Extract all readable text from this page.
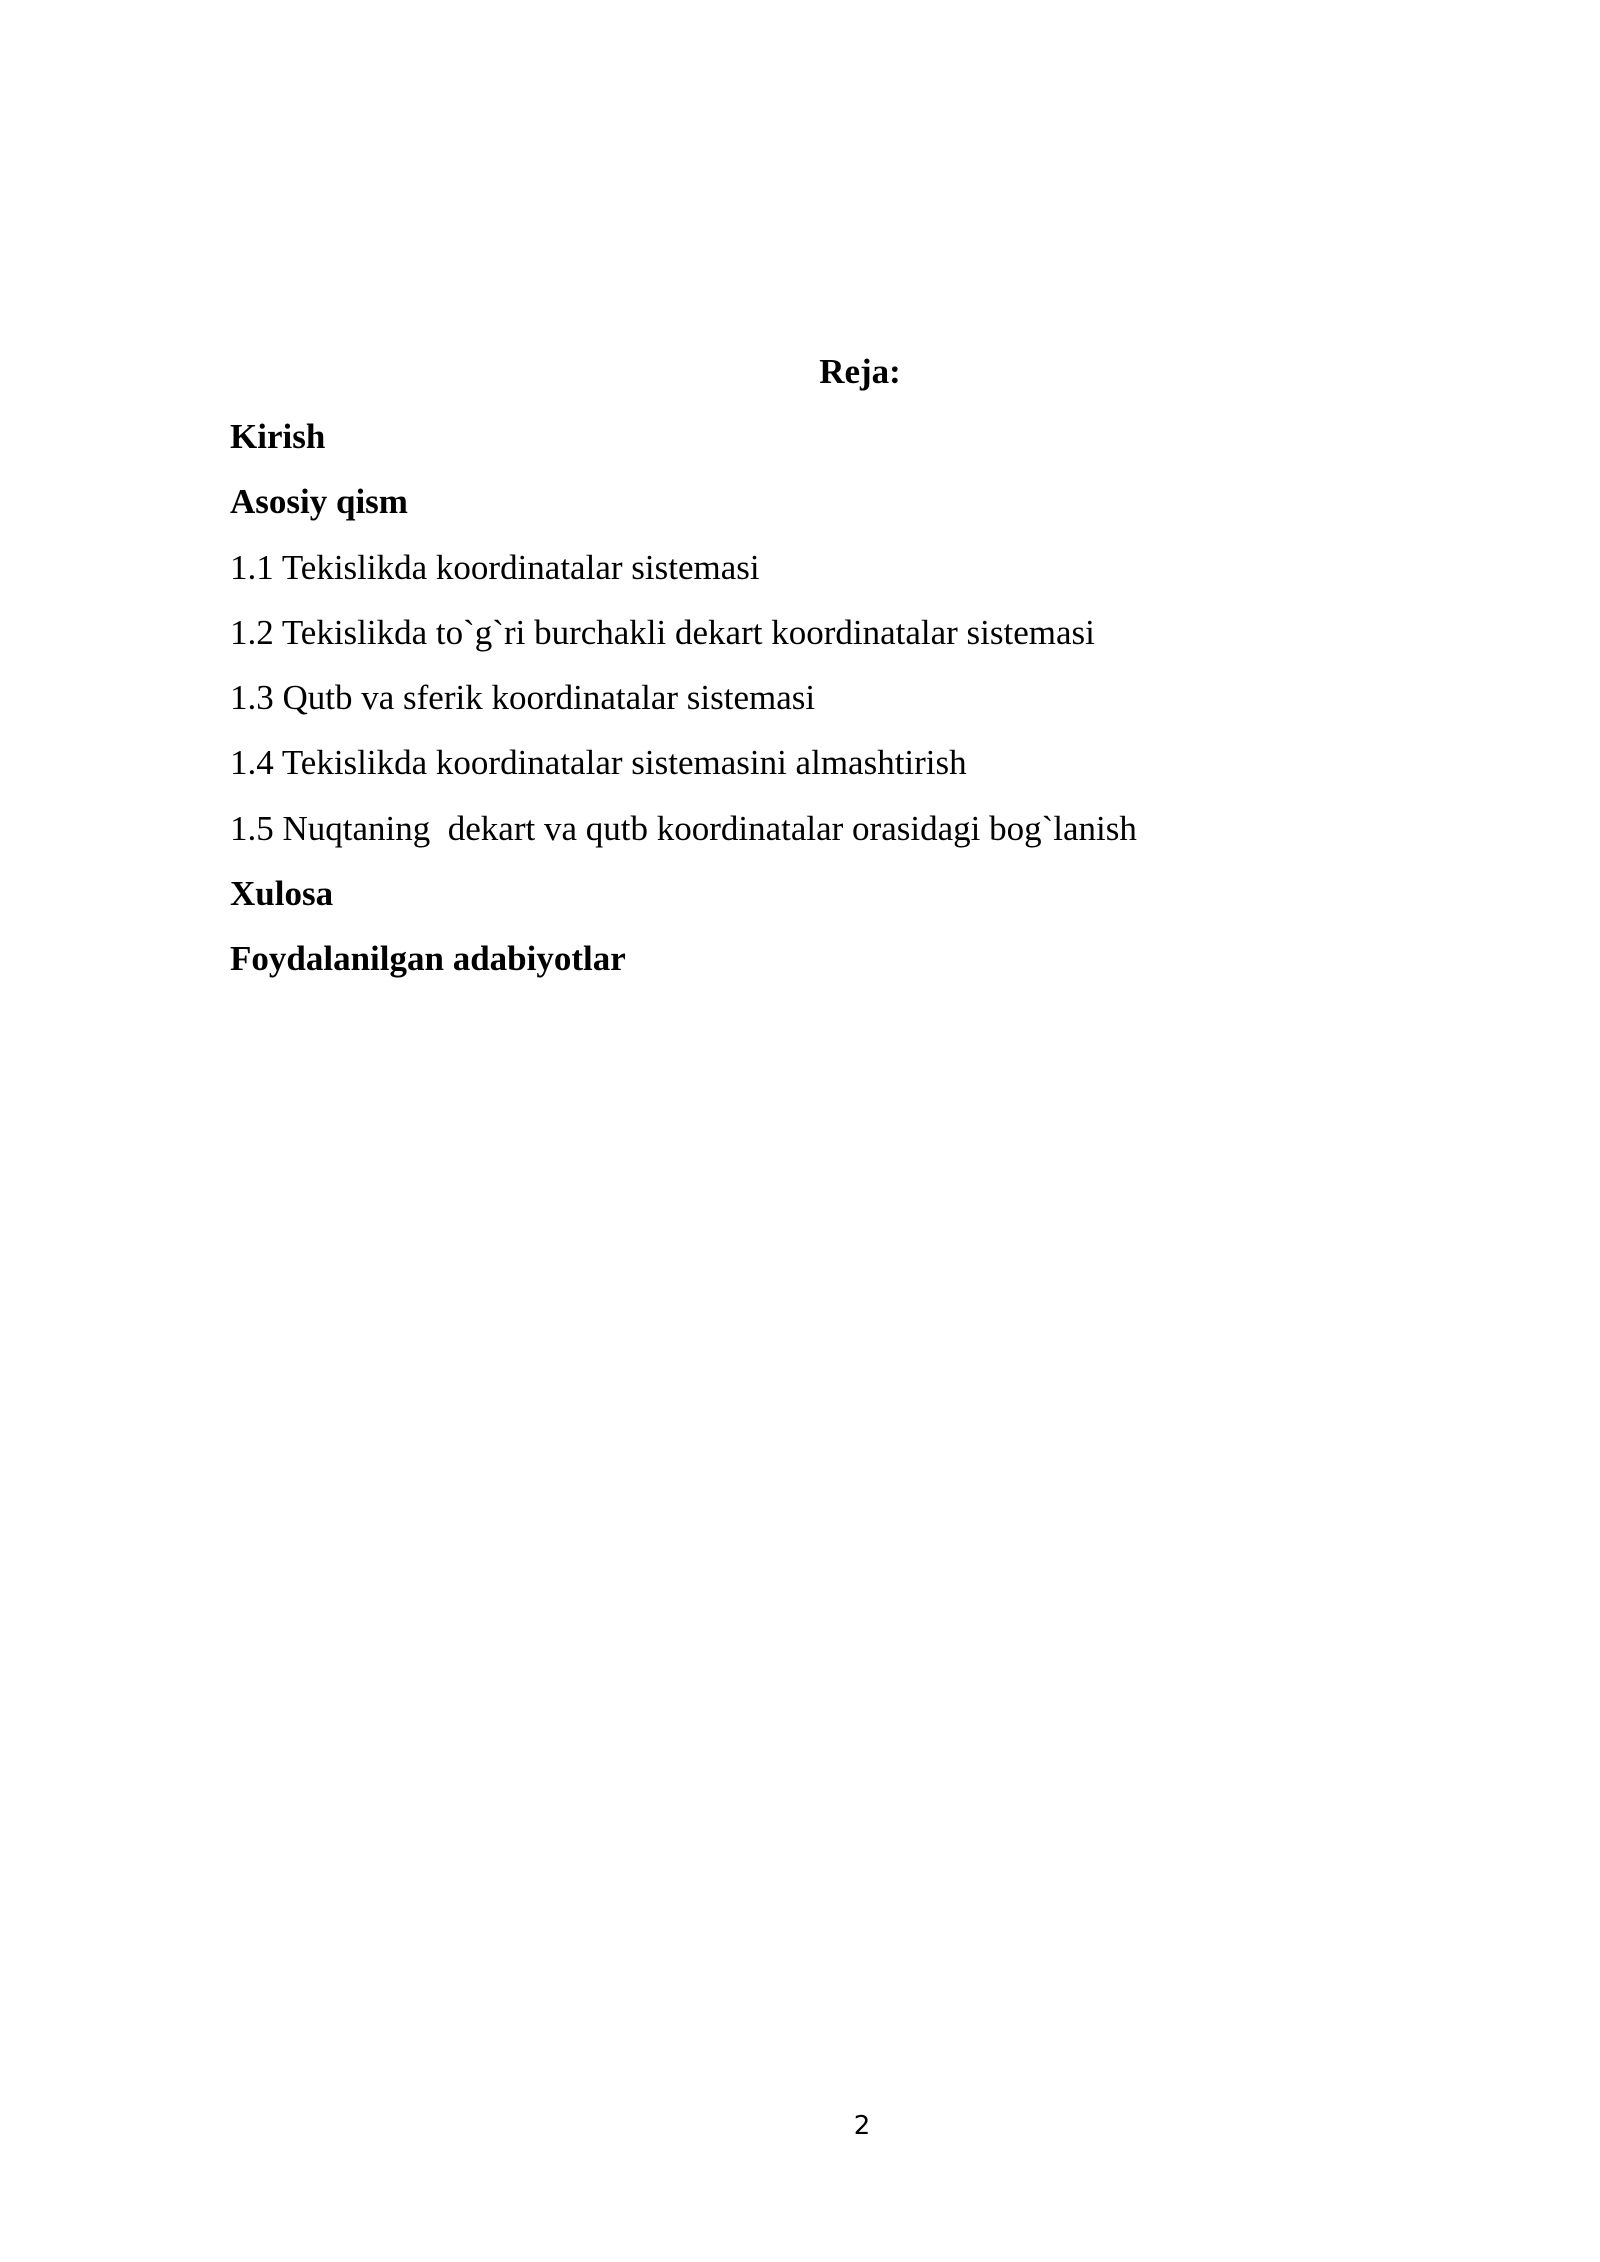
Reja:
Kirish
Asosiy qism
1.1 Tekislikda koordinatalar sistemasi
1.2 Tekislikda to`g`ri burchakli dekart koordinatalar sistemasi
1.3 Qutb va sferik koordinatalar sistemasi
1.4 Tekislikda koordinatalar sistemasini almashtirish
1.5 Nuqtaning  dekart va qutb koordinatalar orasidagi bog`lanish
Xulosa
Foydalanilgan adabiyotlar
2
